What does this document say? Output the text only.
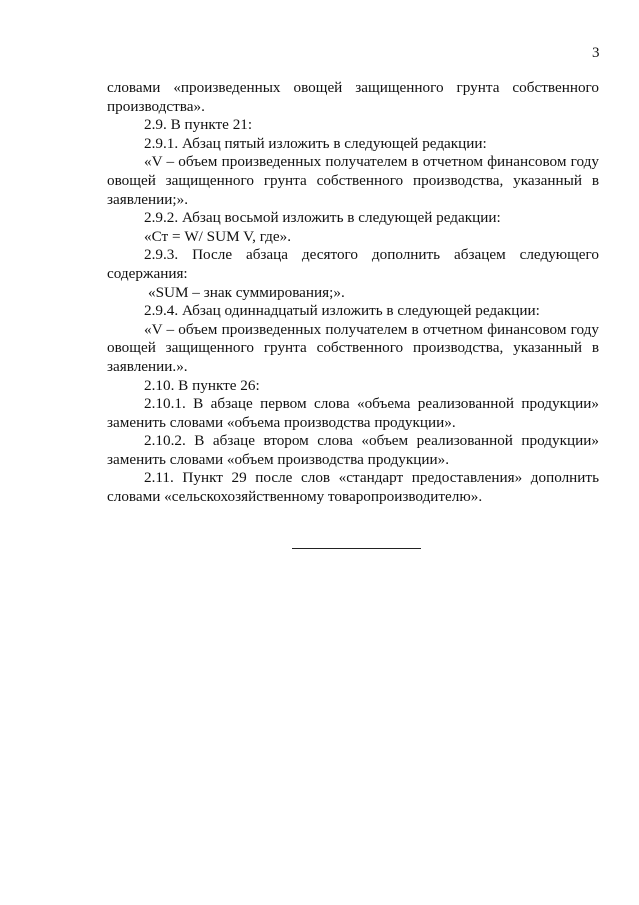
3

словами «произведенных овощей защищенного грунта собственного производства».

2.9. В пункте 21:

2.9.1. Абзац пятый изложить в следующей редакции:

«V – объем произведенных получателем в отчетном финансовом году овощей защищенного грунта собственного производства, указанный в заявлении;».

2.9.2. Абзац восьмой изложить в следующей редакции:

«Ст = W/ SUM V, где».

2.9.3. После абзаца десятого дополнить абзацем следующего содержания:

«SUM – знак суммирования;».

2.9.4. Абзац одиннадцатый изложить в следующей редакции:

«V – объем произведенных получателем в отчетном финансовом году овощей защищенного грунта собственного производства, указанный в заявлении.».

2.10. В пункте 26:

2.10.1. В абзаце первом слова «объема реализованной продукции» заменить словами «объема производства продукции».

2.10.2. В абзаце втором слова «объем реализованной продукции» заменить словами «объем производства продукции».

2.11. Пункт 29 после слов «стандарт предоставления» дополнить словами «сельскохозяйственному товаропроизводителю».
